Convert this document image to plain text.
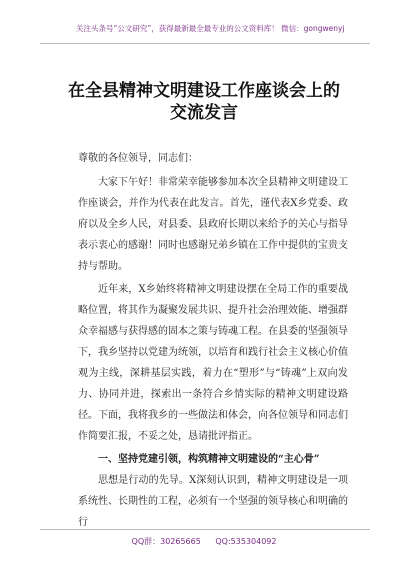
关注头条号“公文研究”，获得最新最全最专业的公文资料库！ 微信：gongwenyj
在全县精神文明建设工作座谈会上的
交流发言

尊敬的各位领导，同志们：

大家下午好！非常荣幸能够参加本次全县精神文明建设工作座谈会，并作为代表在此发言。首先，谨代表X乡党委、政府以及全乡人民，对县委、县政府长期以来给予的关心与指导表示衷心的感谢！同时也感谢兄弟乡镇在工作中提供的宝贵支持与帮助。

近年来，X乡始终将精神文明建设摆在全局工作的重要战略位置，将其作为凝聚发展共识、提升社会治理效能、增强群众幸福感与获得感的固本之策与铸魂工程。在县委的坚强领导下，我乡坚持以党建为统领，以培育和践行社会主义核心价值观为主线，深耕基层实践，着力在“塑形”与“铸魂”上双向发力、协同并进，探索出一条符合乡情实际的精神文明建设路径。下面，我将我乡的一些做法和体会，向各位领导和同志们作简要汇报，不妥之处，恳请批评指正。

一、坚持党建引领，构筑精神文明建设的“主心骨”

思想是行动的先导。X深刻认识到，精神文明建设是一项系统性、长期性的工程，必须有一个坚强的领导核心和明确的行

QQ群：30265665 QQ:535304092
